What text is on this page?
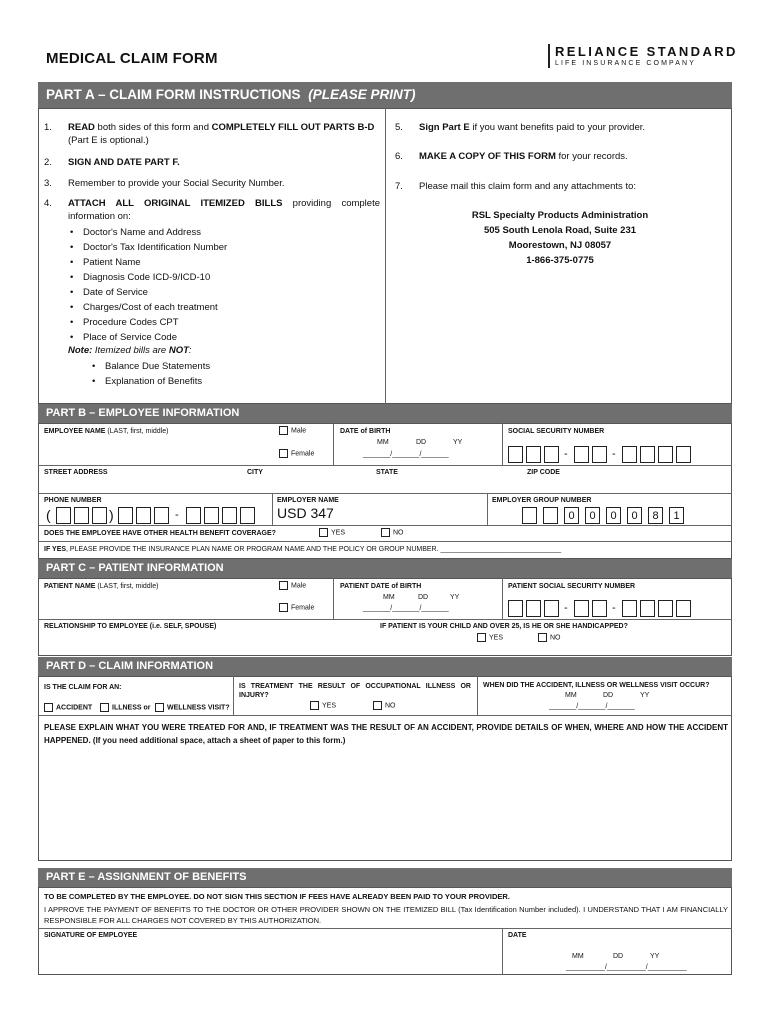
MEDICAL CLAIM FORM	RELIANCE STANDARD
LIFE INSURANCE COMPANY
PART A – CLAIM FORM INSTRUCTIONS (PLEASE PRINT)
1. READ both sides of this form and COMPLETELY FILL OUT PARTS B-D (Part E is optional.)
2. SIGN AND DATE PART F.
3. Remember to provide your Social Security Number.
4. ATTACH ALL ORIGINAL ITEMIZED BILLS providing complete information on:
• Doctor's Name and Address
• Doctor's Tax Identification Number
• Patient Name
• Diagnosis Code ICD-9/ICD-10
• Date of Service
• Charges/Cost of each treatment
• Procedure Codes CPT
• Place of Service Code
Note: Itemized bills are NOT:
• Balance Due Statements
• Explanation of Benefits
5. Sign Part E if you want benefits paid to your provider.
6. MAKE A COPY OF THIS FORM for your records.
7. Please mail this claim form and any attachments to:
RSL Specialty Products Administration
505 South Lenola Road, Suite 231
Moorestown, NJ 08057
1-866-375-0775
PART B – EMPLOYEE INFORMATION
EMPLOYEE NAME (LAST, first, middle)	Male
Female
DATE of BIRTH
MM	DD	YY
_______/_______/_______
SOCIAL SECURITY NUMBER
-	-
STREET ADDRESS	CITY	STATE	ZIP CODE
PHONE NUMBER
(	)	-
EMPLOYER NAME
USD 347
EMPLOYER GROUP NUMBER
0	0	0	0	8	1
DOES THE EMPLOYEE HAVE OTHER HEALTH BENEFIT COVERAGE?	YES	NO
IF YES, PLEASE PROVIDE THE INSURANCE PLAN NAME OR PROGRAM NAME AND THE POLICY OR GROUP NUMBER. _______________________________
PART C – PATIENT INFORMATION
PATIENT NAME (LAST, first, middle)	Male
Female
PATIENT DATE of BIRTH
MM	DD	YY
_______/_______/_______
PATIENT SOCIAL SECURITY NUMBER
-	-
RELATIONSHIP TO EMPLOYEE (i.e. SELF, SPOUSE)	IF PATIENT IS YOUR CHILD AND OVER 25, IS HE OR SHE HANDICAPPED?
YES	NO
PART D – CLAIM INFORMATION
IS THE CLAIM FOR AN:
ACCIDENT	ILLNESS or	WELLNESS VISIT?
IS TREATMENT THE RESULT OF OCCUPATIONAL ILLNESS OR INJURY?
YES	NO
WHEN DID THE ACCIDENT, ILLNESS OR WELLNESS VISIT OCCUR?
MM	DD	YY
_______/_______/_______
PLEASE EXPLAIN WHAT YOU WERE TREATED FOR AND, IF TREATMENT WAS THE RESULT OF AN ACCIDENT, PROVIDE DETAILS OF WHEN, WHERE AND HOW THE ACCIDENT HAPPENED. (If you need additional space, attach a sheet of paper to this form.)
PART E – ASSIGNMENT OF BENEFITS
TO BE COMPLETED BY THE EMPLOYEE. DO NOT SIGN THIS SECTION IF FEES HAVE ALREADY BEEN PAID TO YOUR PROVIDER.
I APPROVE THE PAYMENT OF BENEFITS TO THE DOCTOR OR OTHER PROVIDER SHOWN ON THE ITEMIZED BILL (Tax Identification Number included). I UNDERSTAND THAT I AM FINANCIALLY RESPONSIBLE FOR ALL CHARGES NOT COVERED BY THIS AUTHORIZATION.
SIGNATURE OF EMPLOYEE	DATE
MM	DD	YY
__________/__________/__________
